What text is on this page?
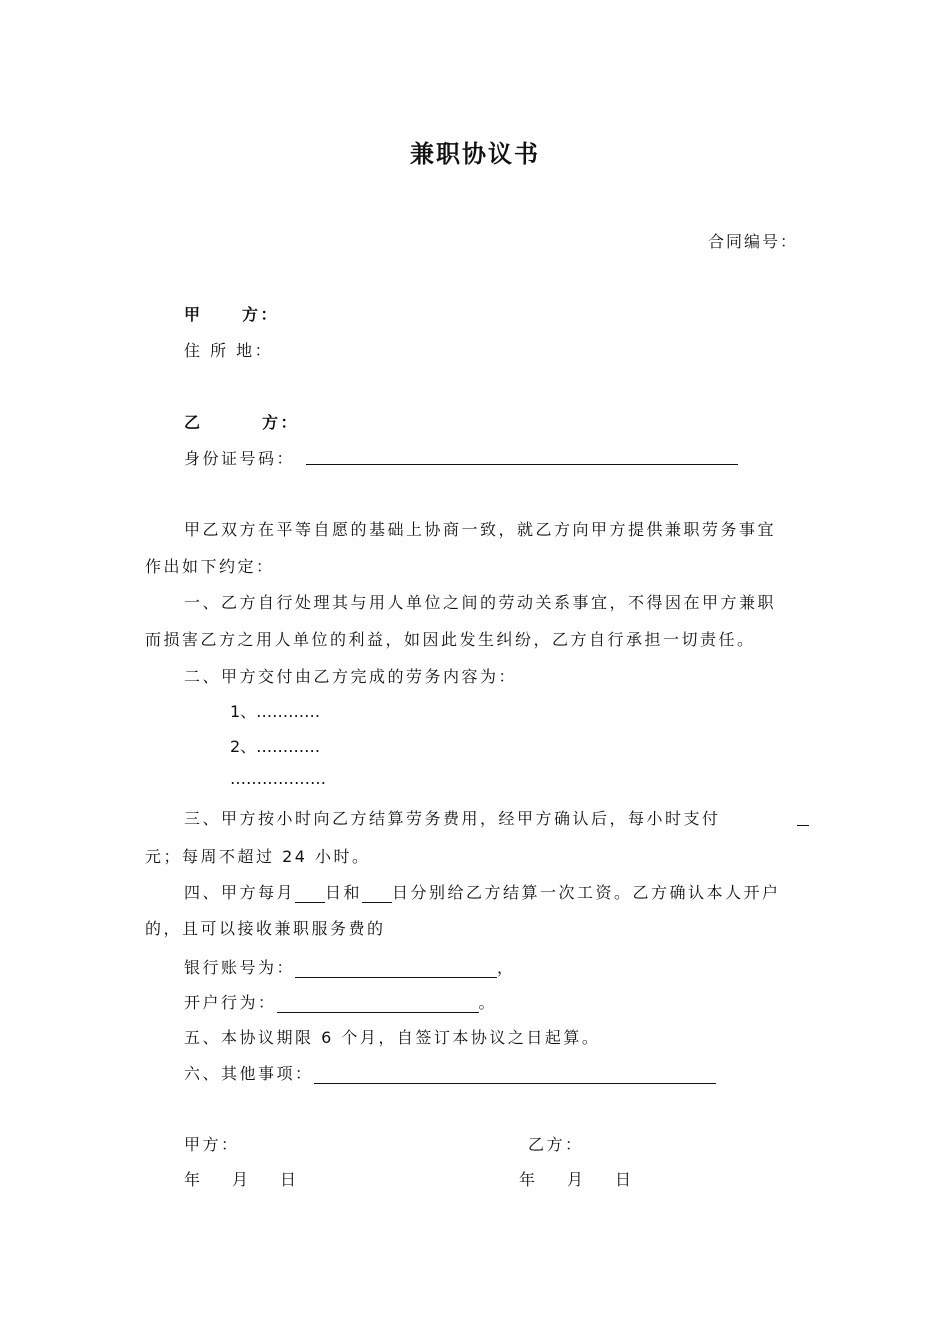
兼职协议书
合同编号：
甲 方：
住 所 地：
乙	方：
身份证号码：
甲乙双方在平等自愿的基础上协商一致，就乙方向甲方提供兼职劳务事宜
作出如下约定：
一、乙方自行处理其与用人单位之间的劳动关系事宜，不得因在甲方兼职
而损害乙方之用人单位的利益，如因此发生纠纷，乙方自行承担一切责任。
二、甲方交付由乙方完成的劳务内容为：
1、…………
2、…………
………………
三、甲方按小时向乙方结算劳务费用，经甲方确认后，每小时支付
元；每周不超过 24 小时。
四、甲方每月 日和 日分别给乙方结算一次工资。乙方确认本人开户
的，且可以接收兼职服务费的
银行账号为：	，
开户行为：	。
五、本协议期限 6 个月，自签订本协议之日起算。
六、其他事项：
甲方：	乙方：
年 月 日	年 月 日
